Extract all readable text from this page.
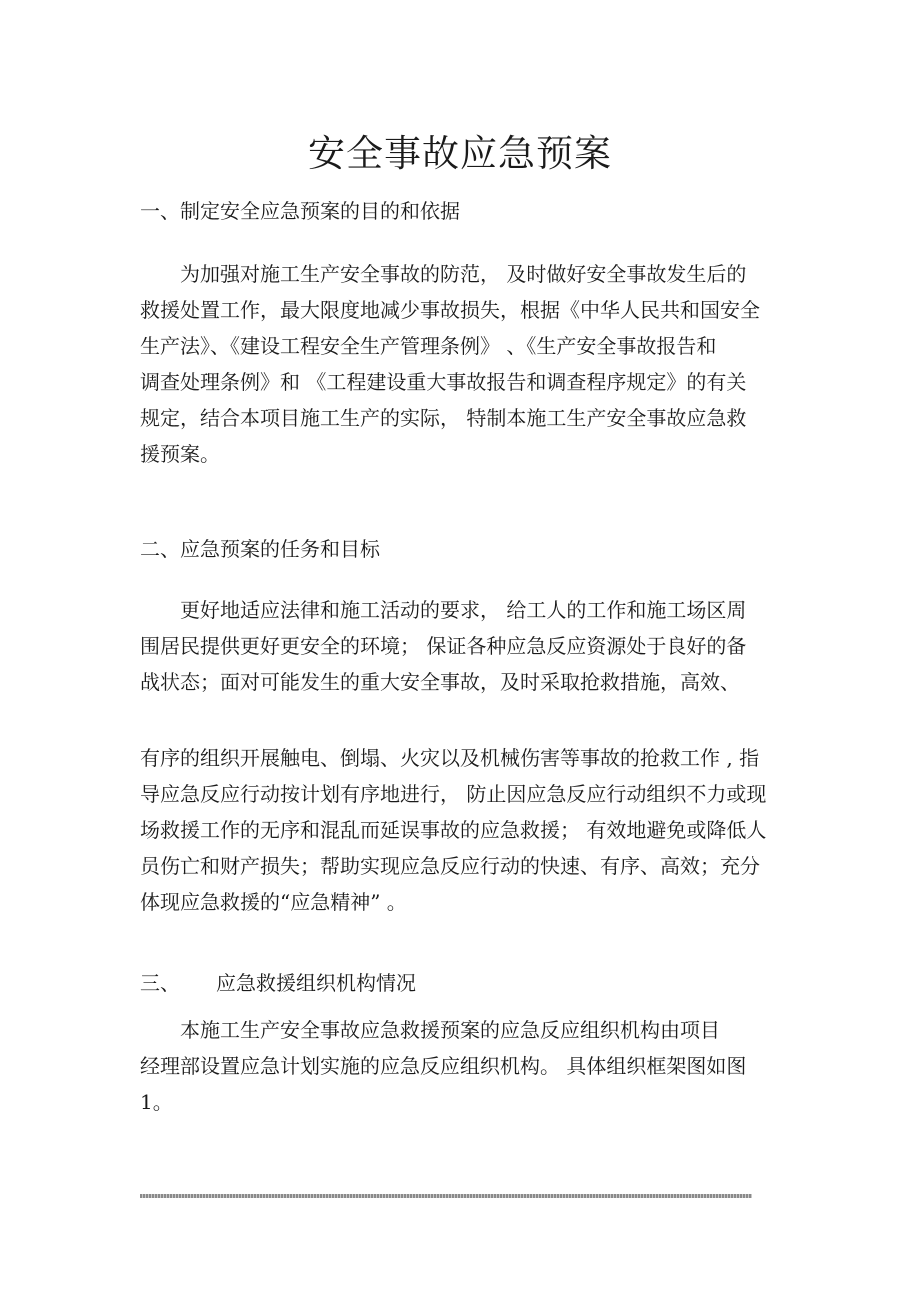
安全事故应急预案
一、制定安全应急预案的目的和依据
为加强对施工生产安全事故的防范， 及时做好安全事故发生后的
救援处置工作，最大限度地减少事故损失，根据《中华人民共和国安全
生产法》、《建设工程安全生产管理条例》 、《生产安全事故报告和
调查处理条例》和 《工程建设重大事故报告和调查程序规定》的有关
规定，结合本项目施工生产的实际， 特制本施工生产安全事故应急救
援预案。
二、应急预案的任务和目标
更好地适应法律和施工活动的要求， 给工人的工作和施工场区周
围居民提供更好更安全的环境； 保证各种应急反应资源处于良好的备
战状态；面对可能发生的重大安全事故，及时采取抢救措施，高效、
有序的组织开展触电、倒塌、火灾以及机械伤害等事故的抢救工作 , 指
导应急反应行动按计划有序地进行， 防止因应急反应行动组织不力或现
场救援工作的无序和混乱而延误事故的应急救援； 有效地避免或降低人
员伤亡和财产损失；帮助实现应急反应行动的快速、有序、高效；充分
体现应急救援的“应急精神” 。
三、 应急救援组织机构情况
本施工生产安全事故应急救援预案的应急反应组织机构由项目
经理部设置应急计划实施的应急反应组织机构。 具体组织框架图如图
1。
